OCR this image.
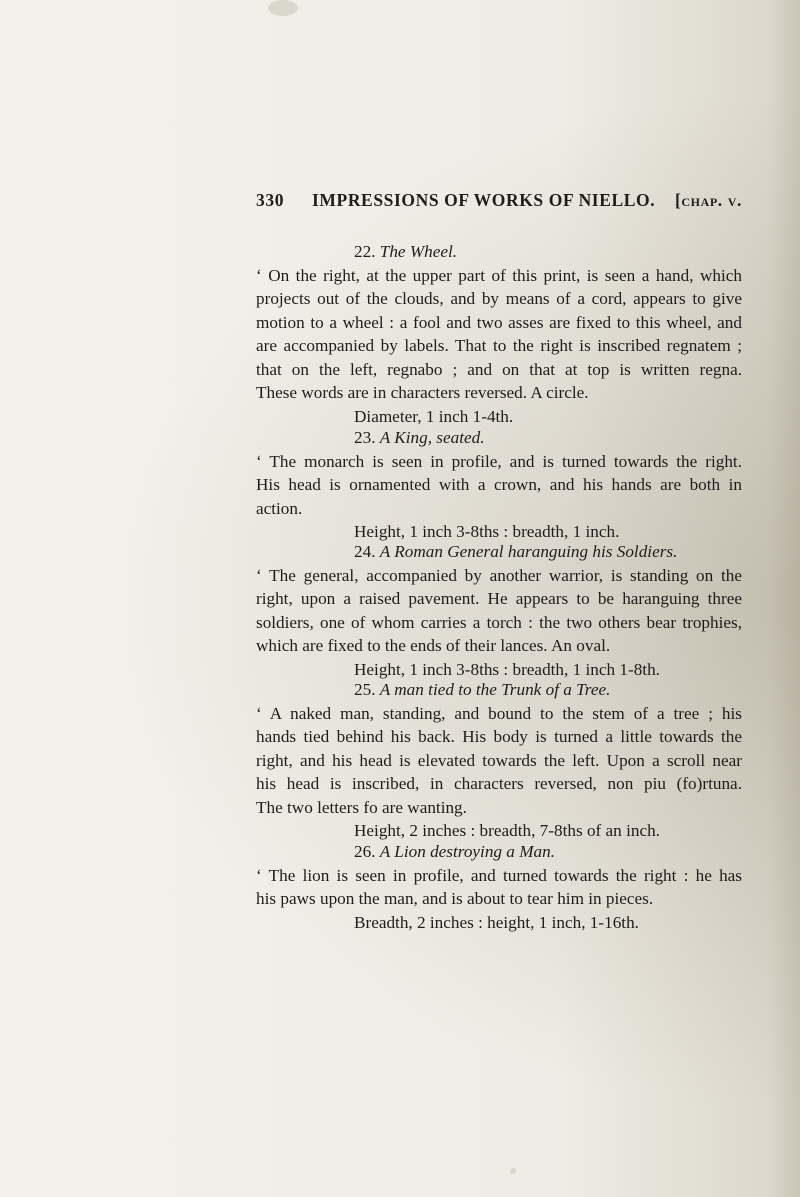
330 IMPRESSIONS OF WORKS OF NIELLO. [chap. v.
22. The Wheel.
‘ On the right, at the upper part of this print, is seen a hand, which
projects out of the clouds, and by means of a cord, appears to give
motion to a wheel : a fool and two asses are fixed to this wheel, and
are accompanied by labels. That to the right is inscribed regnatem ;
that on the left, regnabo ; and on that at top is written regna.
These words are in characters reversed. A circle.
Diameter, 1 inch 1-4th.
23. A King, seated.
‘ The monarch is seen in profile, and is turned towards the right.
His head is ornamented with a crown, and his hands are both in
action.
Height, 1 inch 3-8ths : breadth, 1 inch.
24. A Roman General haranguing his Soldiers.
‘ The general, accompanied by another warrior, is standing on the
right, upon a raised pavement. He appears to be haranguing three
soldiers, one of whom carries a torch : the two others bear trophies,
which are fixed to the ends of their lances. An oval.
Height, 1 inch 3-8ths : breadth, 1 inch 1-8th.
25. A man tied to the Trunk of a Tree.
‘ A naked man, standing, and bound to the stem of a tree ; his
hands tied behind his back. His body is turned a little towards the
right, and his head is elevated towards the left. Upon a scroll near
his head is inscribed, in characters reversed, non piu (fo)rtuna.
The two letters fo are wanting.
Height, 2 inches : breadth, 7-8ths of an inch.
26. A Lion destroying a Man.
‘ The lion is seen in profile, and turned towards the right : he has
his paws upon the man, and is about to tear him in pieces.
Breadth, 2 inches : height, 1 inch, 1-16th.
